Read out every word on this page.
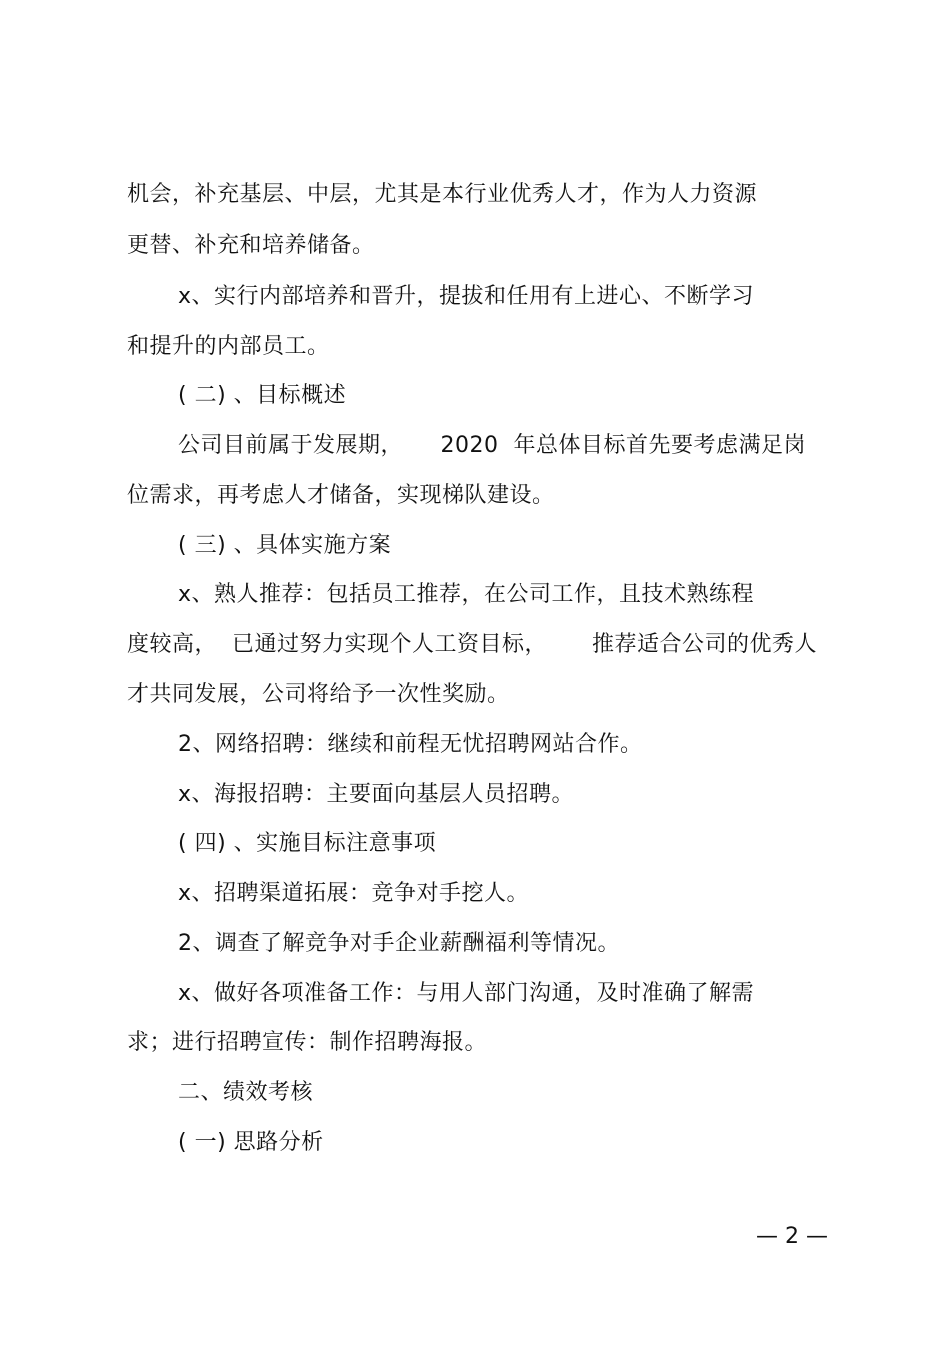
机会，补充基层、中层，尤其是本行业优秀人才，作为人力资源
更替、补充和培养储备。
x、实行内部培养和晋升，提拔和任用有上进心、不断学习
和提升的内部员工。
( 二) 、目标概述
公司目前属于发展期，     2020  年总体目标首先要考虑满足岗
位需求，再考虑人才储备，实现梯队建设。
( 三) 、具体实施方案
x、熟人推荐：包括员工推荐，在公司工作，且技术熟练程
度较高，  已通过努力实现个人工资目标，      推荐适合公司的优秀人
才共同发展，公司将给予一次性奖励。
2、网络招聘：继续和前程无忧招聘网站合作。
x、海报招聘：主要面向基层人员招聘。
( 四) 、实施目标注意事项
x、招聘渠道拓展：竞争对手挖人。
2、调查了解竞争对手企业薪酬福利等情况。
x、做好各项准备工作：与用人部门沟通，及时准确了解需
求；进行招聘宣传：制作招聘海报。
二、绩效考核
( 一) 思路分析
— 2 —
